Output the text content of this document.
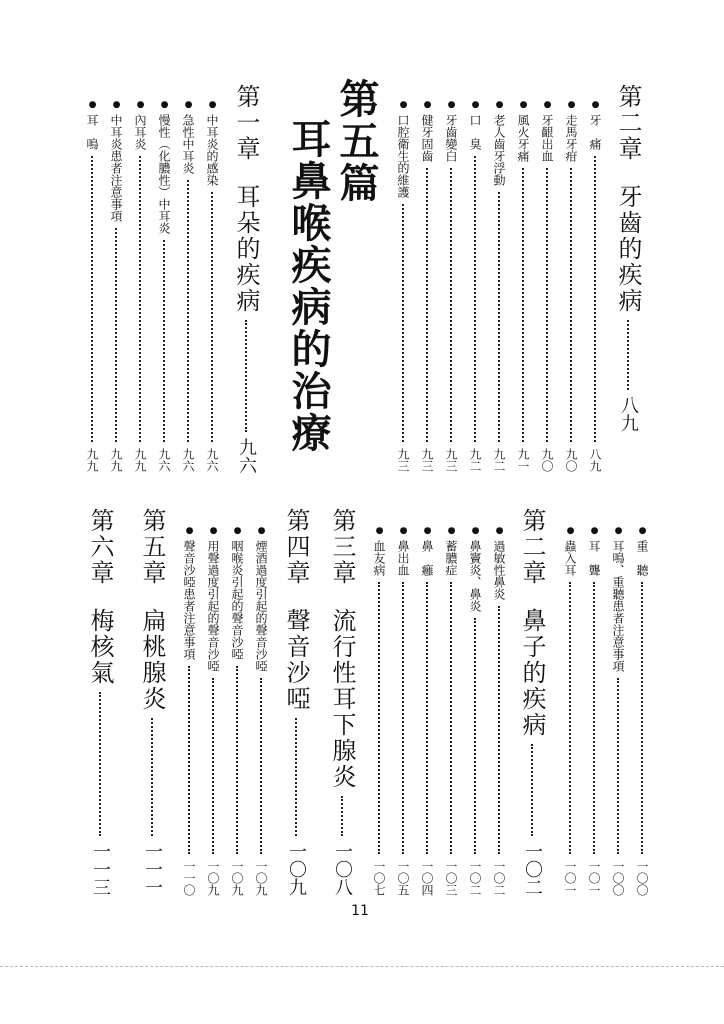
第二章
牙齒的疾病
八九
●
牙　痛
八九
●
走馬牙疳
九〇
●
牙齦出血
九〇
●
風火牙痛
九一
●
老人齒牙浮動
九二
●
口　臭
九二
●
牙齒變白
九三
●
健牙固齒
九三
●
口腔衛生的維護
九三
第五篇
耳鼻喉疾病的治療
第一章
耳朵的疾病
九六
●
中耳炎的感染
九六
●
急性中耳炎
九六
●
慢性（化膿性）中耳炎
九六
●
內耳炎
九九
●
中耳炎患者注意事項
九九
●
耳　鳴
九九
●
重　聽
一〇〇
●
耳鳴、重聽患者注意事項
一〇〇
●
耳　聾
一〇一
●
蟲入耳
一〇一
第二章
鼻子的疾病
一〇二
●
過敏性鼻炎
一〇二
●
鼻竇炎、鼻炎
一〇二
●
蓄膿症
一〇三
●
鼻　癰
一〇四
●
鼻出血
一〇五
●
血友病
一〇七
第三章
流行性耳下腺炎
一〇八
第四章
聲音沙啞
一〇九
●
煙酒過度引起的聲音沙啞
一〇九
●
咽喉炎引起的聲音沙啞
一〇九
●
用聲過度引起的聲音沙啞
一〇九
●
聲音沙啞患者注意事項
一一〇
第五章
扁桃腺炎
一一一
第六章
梅核氣
一一三
11
